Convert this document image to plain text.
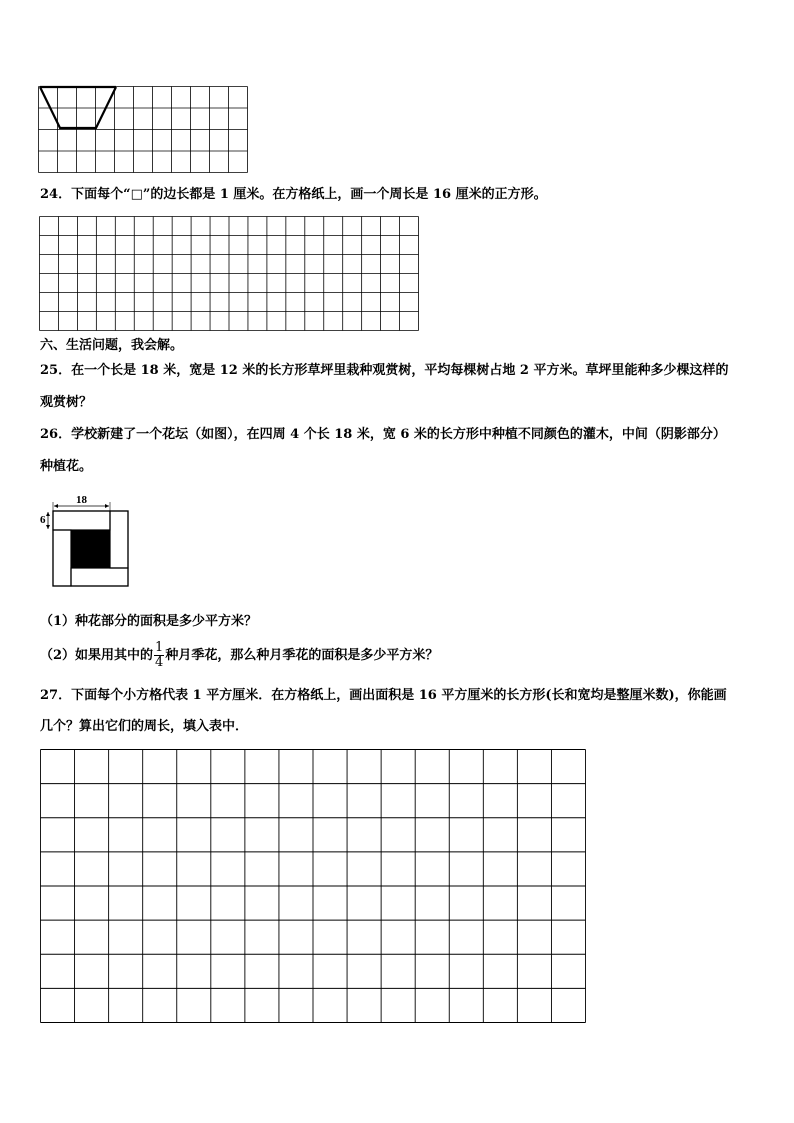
24．下面每个“□”的边长都是 1 厘米。在方格纸上，画一个周长是 16 厘米的正方形。
六、生活问题，我会解。
25．在一个长是 18 米，宽是 12 米的长方形草坪里栽种观赏树，平均每棵树占地 2 平方米。草坪里能种多少棵这样的
观赏树？
26．学校新建了一个花坛（如图），在四周 4 个长 18 米，宽 6 米的长方形中种植不同颜色的灌木，中间（阴影部分）
种植花。
18
6
（1）种花部分的面积是多少平方米？
（2）如果用其中的 $\frac{1}{4}$ 种月季花，那么种月季花的面积是多少平方米？
27．下面每个小方格代表 1 平方厘米．在方格纸上，画出面积是 16 平方厘米的长方形(长和宽均是整厘米数)，你能画
几个？算出它们的周长，填入表中．
